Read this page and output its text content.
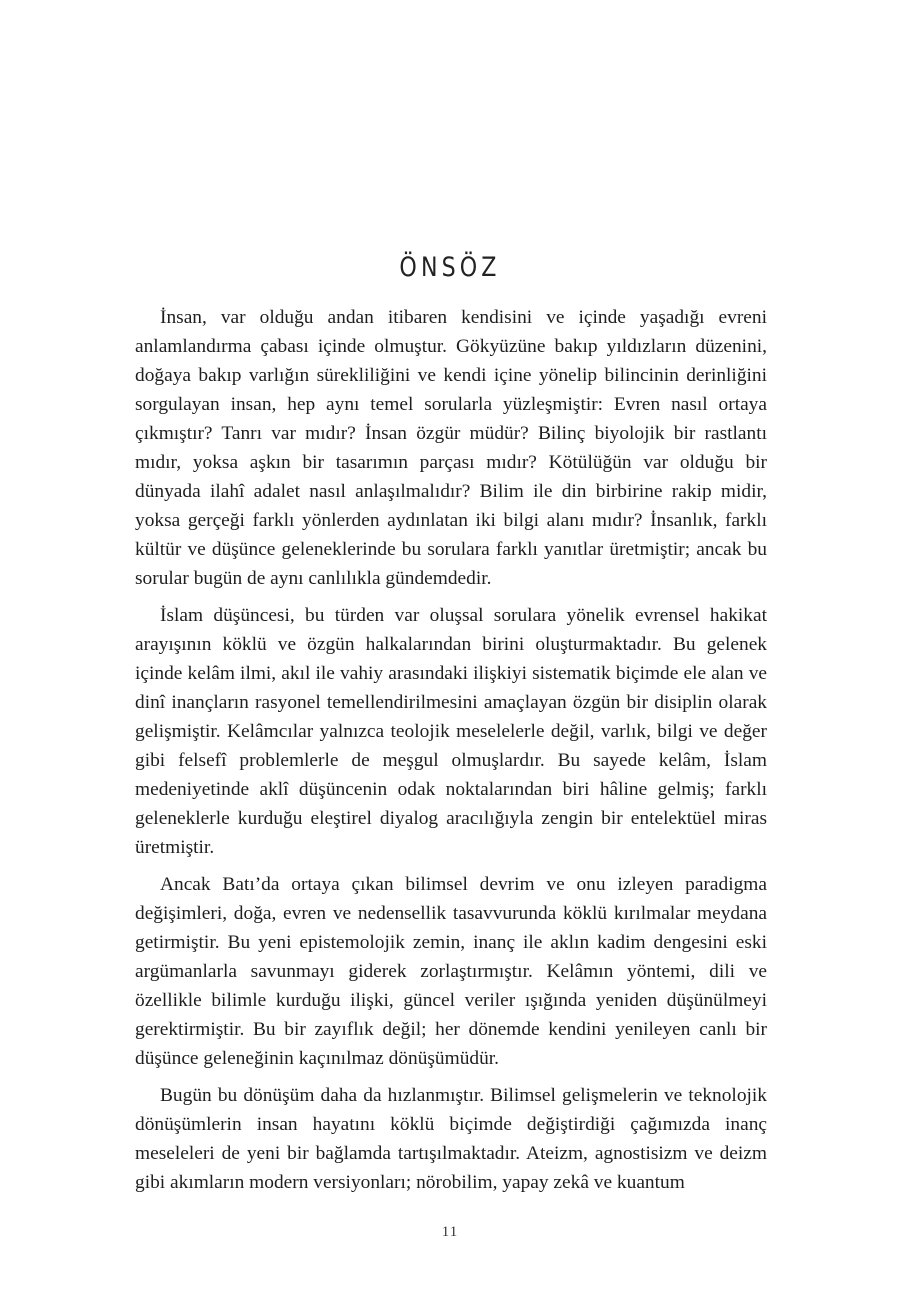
ÖNSÖZ

İnsan, var olduğu andan itibaren kendisini ve içinde yaşadığı evreni anlamlandırma çabası içinde olmuştur. Gökyüzüne bakıp yıldızların düzenini, doğaya bakıp varlığın sürekliliğini ve kendi içine yönelip bilincinin derinliğini sorgulayan insan, hep aynı temel sorularla yüzleşmiştir: Evren nasıl ortaya çıkmıştır? Tanrı var mıdır? İnsan özgür müdür? Bilinç biyolojik bir rastlantı mıdır, yoksa aşkın bir tasarımın parçası mıdır? Kötülüğün var olduğu bir dünyada ilahî adalet nasıl anlaşılmalıdır? Bilim ile din birbirine rakip midir, yoksa gerçeği farklı yönlerden aydınlatan iki bilgi alanı mıdır? İnsanlık, farklı kültür ve düşünce geleneklerinde bu sorulara farklı yanıtlar üretmiştir; ancak bu sorular bugün de aynı canlılıkla gündemdedir.

İslam düşüncesi, bu türden var oluşsal sorulara yönelik evrensel hakikat arayışının köklü ve özgün halkalarından birini oluşturmaktadır. Bu gelenek içinde kelâm ilmi, akıl ile vahiy arasındaki ilişkiyi sistematik biçimde ele alan ve dinî inançların rasyonel temellendirilmesini amaçlayan özgün bir disiplin olarak gelişmiştir. Kelâmcılar yalnızca teolojik meselelerle değil, varlık, bilgi ve değer gibi felsefî problemlerle de meşgul olmuşlardır. Bu sayede kelâm, İslam medeniyetinde aklî düşüncenin odak noktalarından biri hâline gelmiş; farklı geleneklerle kurduğu eleştirel diyalog aracılığıyla zengin bir entelektüel miras üretmiştir.

Ancak Batı’da ortaya çıkan bilimsel devrim ve onu izleyen paradigma değişimleri, doğa, evren ve nedensellik tasavvurunda köklü kırılmalar meydana getirmiştir. Bu yeni epistemolojik zemin, inanç ile aklın kadim dengesini eski argümanlarla savunmayı giderek zorlaştırmıştır. Kelâmın yöntemi, dili ve özellikle bilimle kurduğu ilişki, güncel veriler ışığında yeniden düşünülmeyi gerektirmiştir. Bu bir zayıflık değil; her dönemde kendini yenileyen canlı bir düşünce geleneğinin kaçınılmaz dönüşümüdür.

Bugün bu dönüşüm daha da hızlanmıştır. Bilimsel gelişmelerin ve teknolojik dönüşümlerin insan hayatını köklü biçimde değiştirdiği çağımızda inanç meseleleri de yeni bir bağlamda tartışılmaktadır. Ateizm, agnostisizm ve deizm gibi akımların modern versiyonları; nörobilim, yapay zekâ ve kuantum

11
